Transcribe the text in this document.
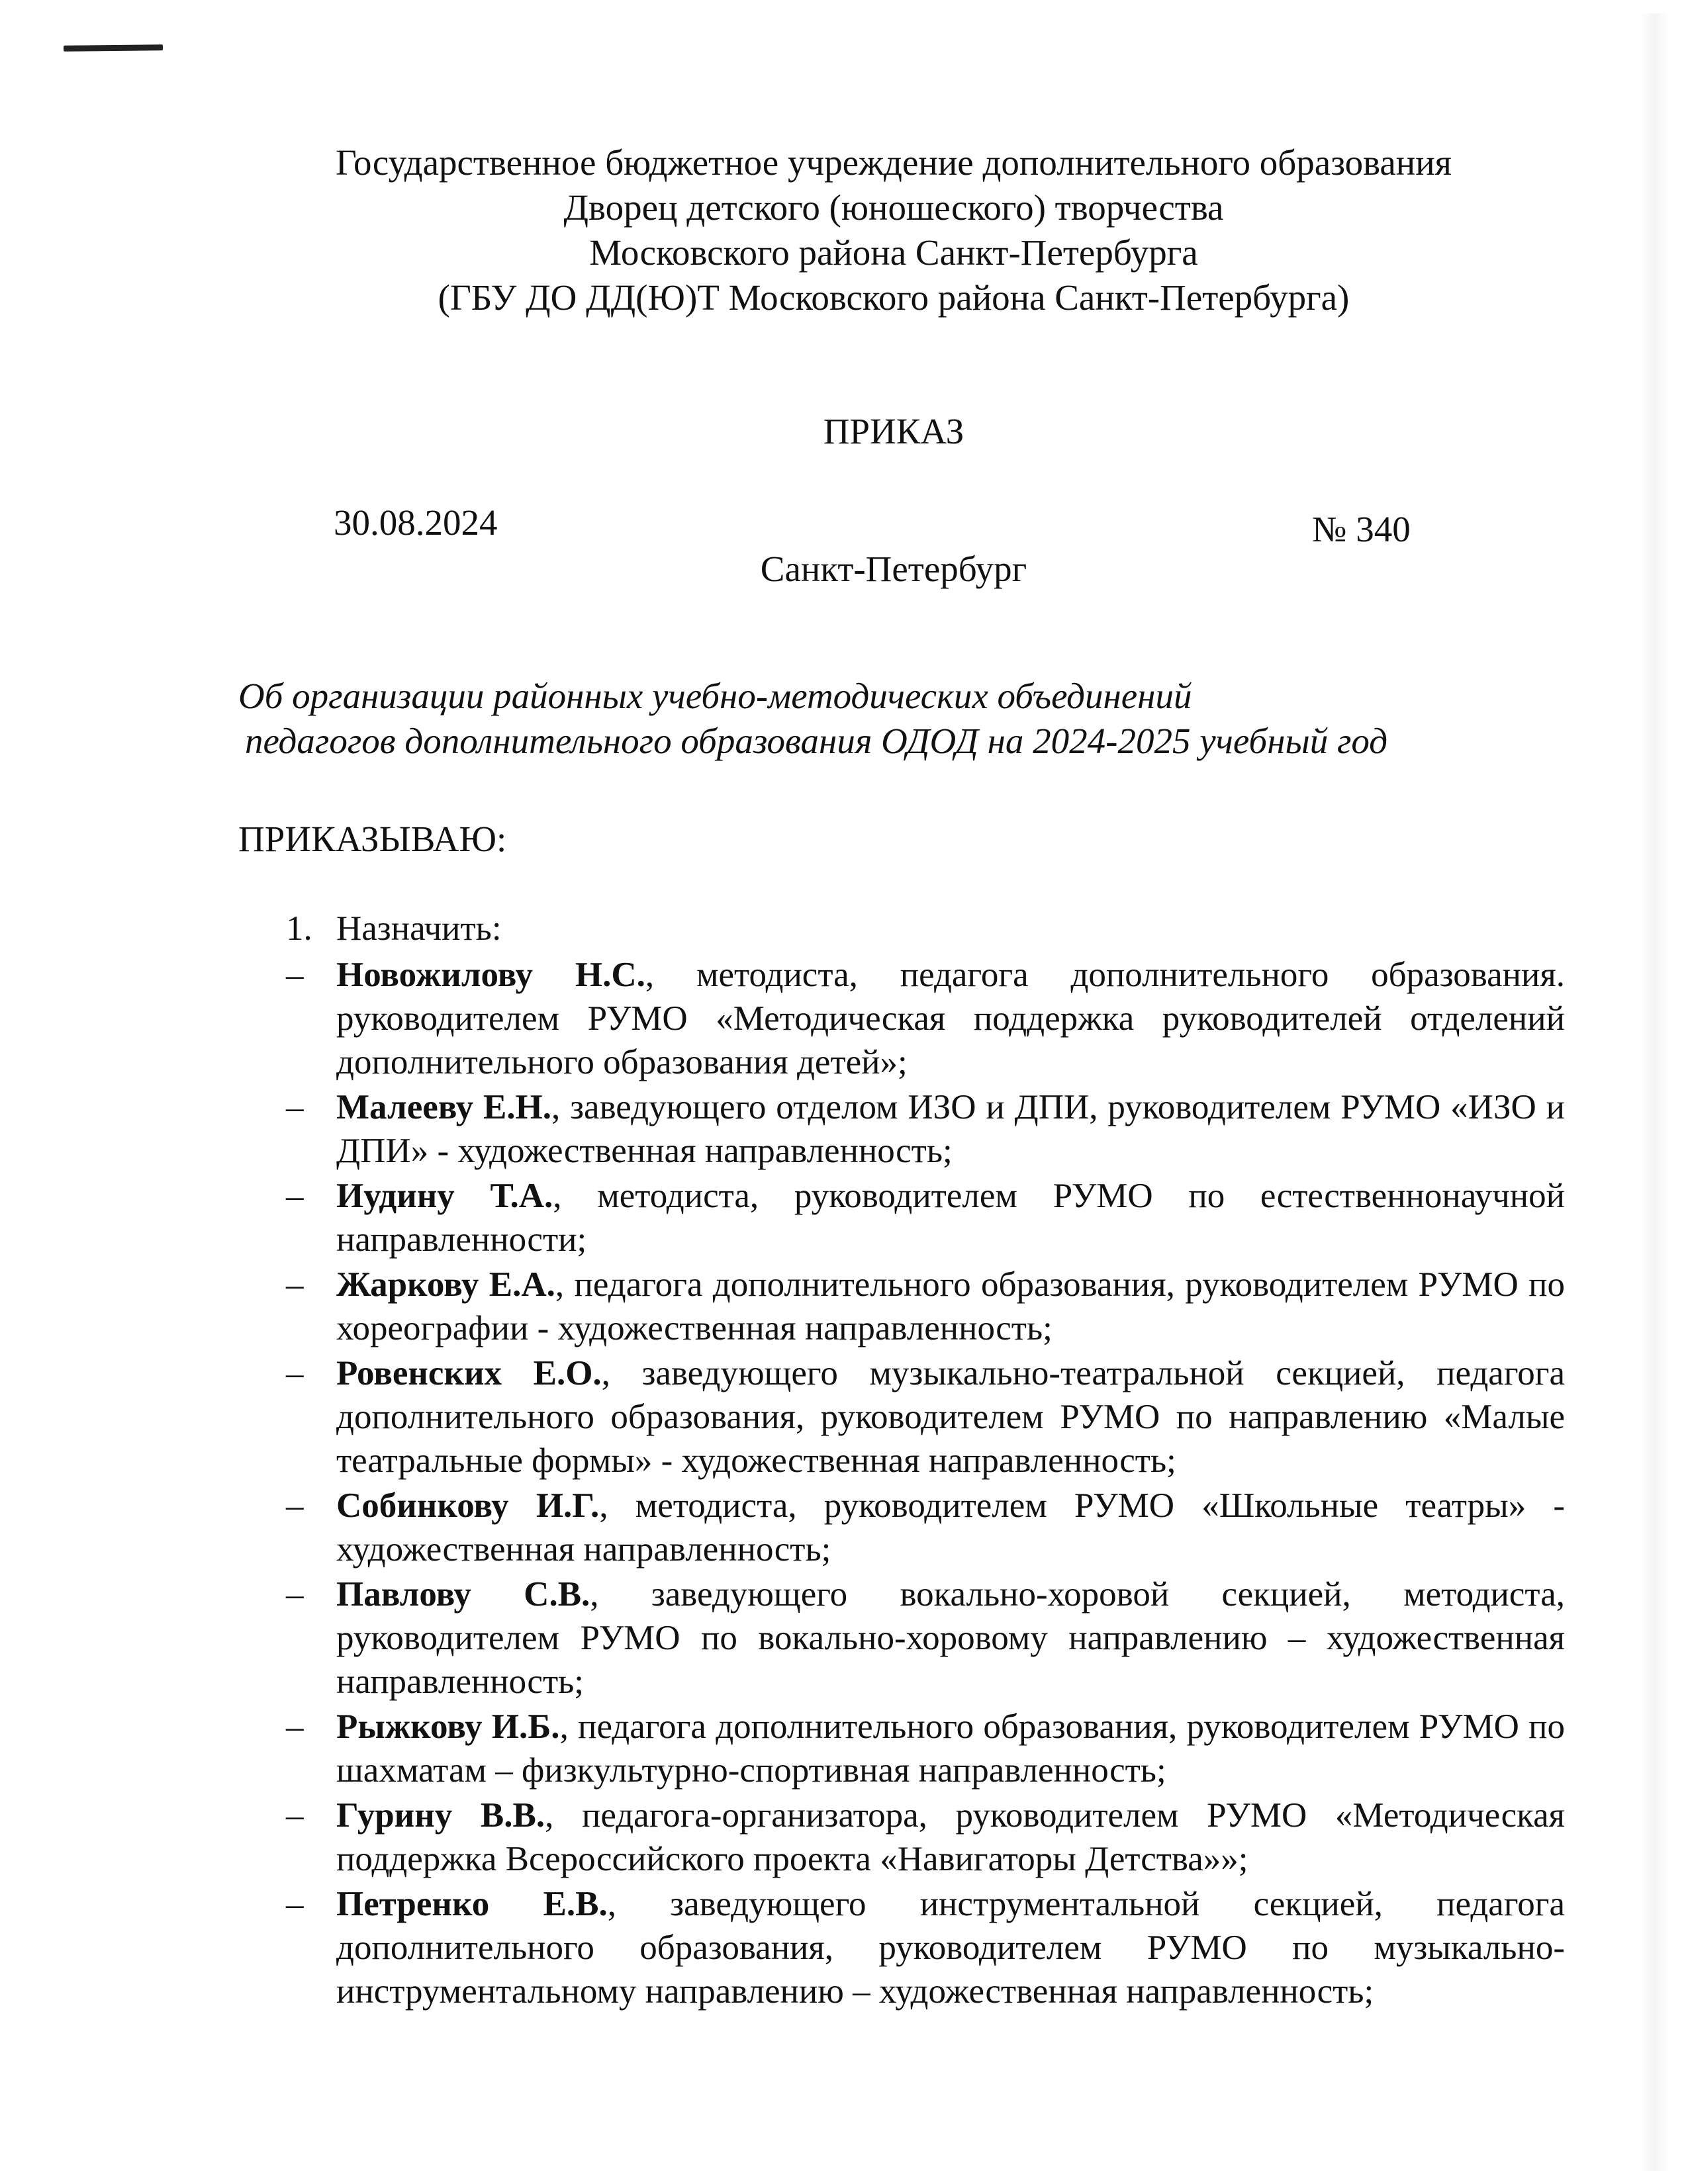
Государственное бюджетное учреждение дополнительного образования
Дворец детского (юношеского) творчества
Московского района Санкт-Петербурга
(ГБУ ДО ДД(Ю)Т Московского района Санкт-Петербурга)
ПРИКАЗ
30.08.2024	№ 340
Санкт-Петербург
Об организации районных учебно-методических объединений
педагогов дополнительного образования ОДОД на 2024-2025 учебный год
ПРИКАЗЫВАЮ:
1. Назначить:
– Новожилову Н.С., методиста, педагога дополнительного образования. руководителем РУМО «Методическая поддержка руководителей отделений дополнительного образования детей»;
– Малееву Е.Н., заведующего отделом ИЗО и ДПИ, руководителем РУМО «ИЗО и ДПИ» - художественная направленность;
– Иудину Т.А., методиста, руководителем РУМО по естественнонаучной направленности;
– Жаркову Е.А., педагога дополнительного образования, руководителем РУМО по хореографии - художественная направленность;
– Ровенских Е.О., заведующего музыкально-театральной секцией, педагога дополнительного образования, руководителем РУМО по направлению «Малые театральные формы» - художественная направленность;
– Собинкову И.Г., методиста, руководителем РУМО «Школьные театры» - художественная направленность;
– Павлову С.В., заведующего вокально-хоровой секцией, методиста, руководителем РУМО по вокально-хоровому направлению – художественная направленность;
– Рыжкову И.Б., педагога дополнительного образования, руководителем РУМО по шахматам – физкультурно-спортивная направленность;
– Гурину В.В., педагога-организатора, руководителем РУМО «Методическая поддержка Всероссийского проекта «Навигаторы Детства»»;
– Петренко Е.В., заведующего инструментальной секцией, педагога дополнительного образования, руководителем РУМО по музыкально-инструментальному направлению – художественная направленность;
